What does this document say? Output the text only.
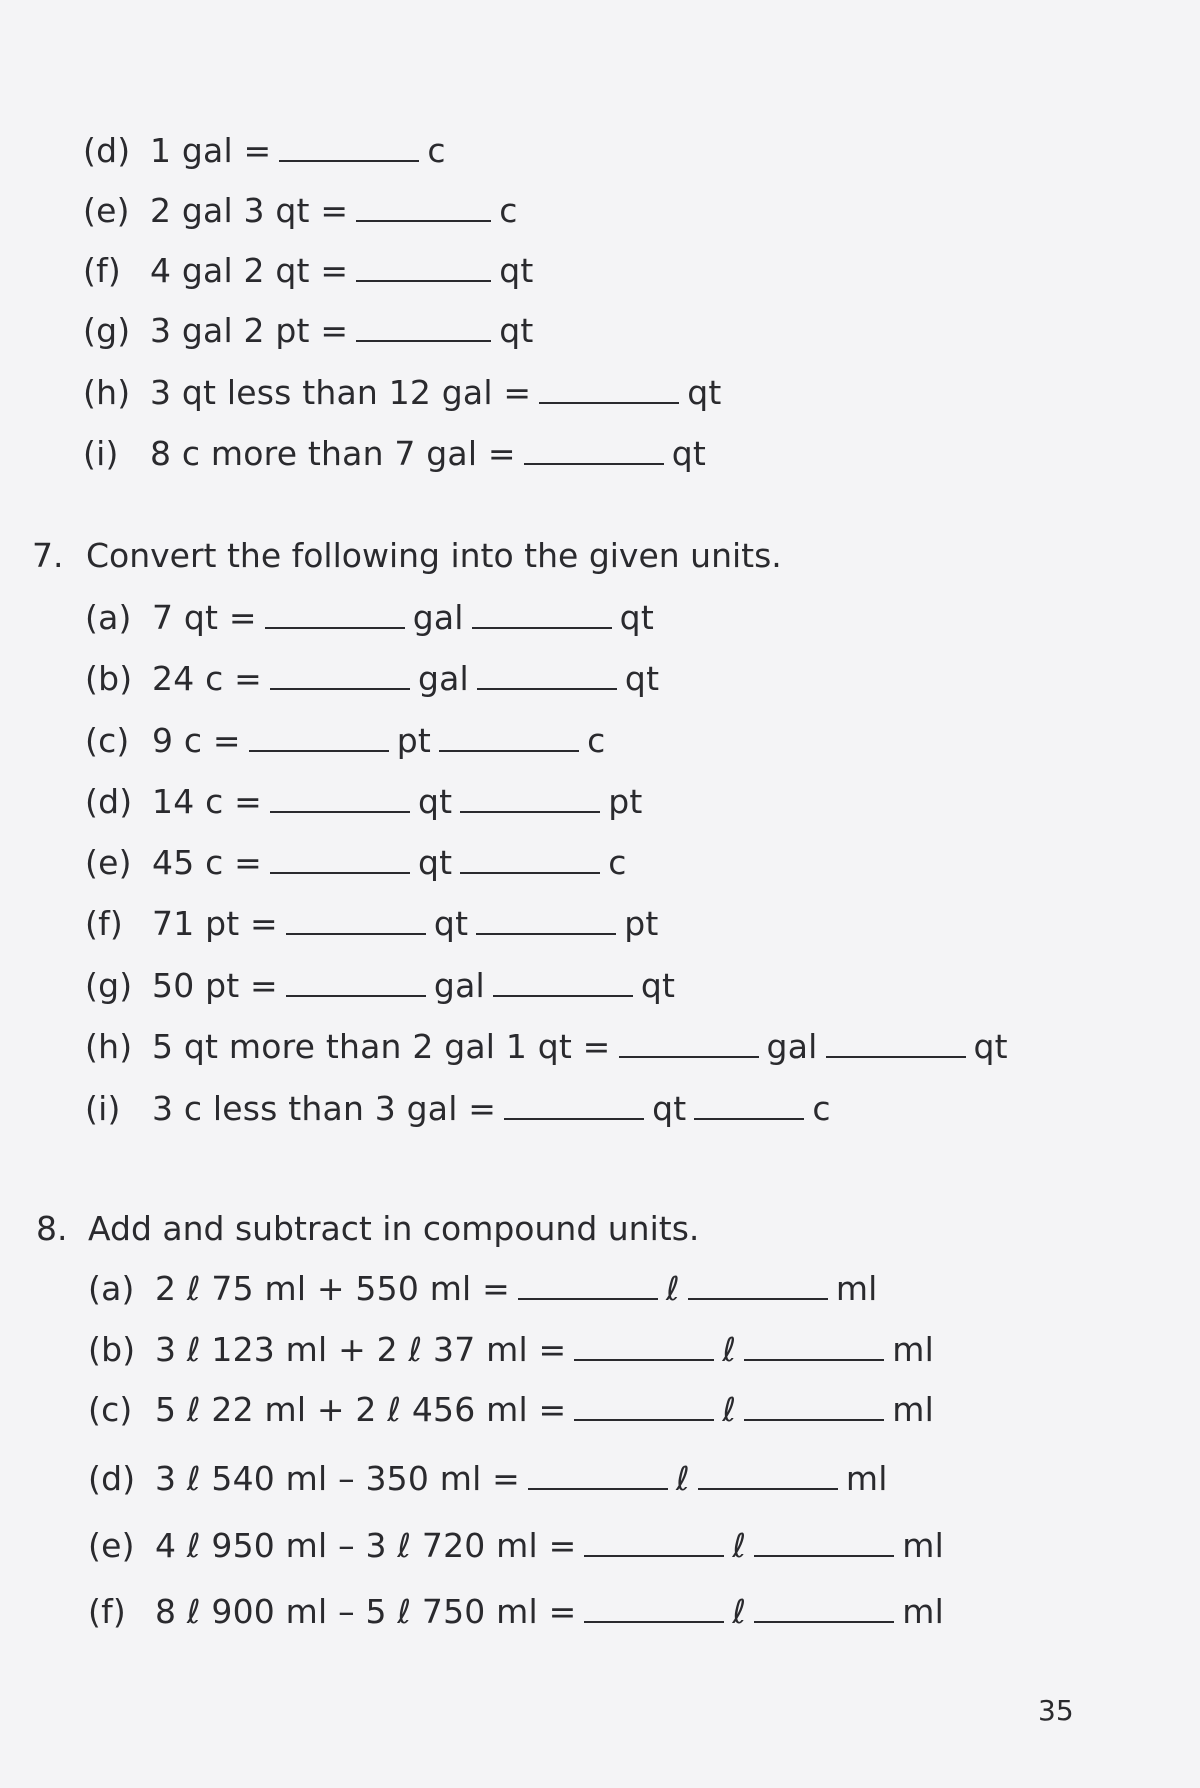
(d) 1 gal =	c
(e) 2 gal 3 qt =	c
(f) 4 gal 2 qt =	qt
(g) 3 gal 2 pt =	qt
(h) 3 qt less than 12 gal =	qt
(i) 8 c more than 7 gal =	qt
7. Convert the following into the given units.
(a) 7 qt =	gal	qt
(b) 24 c =	gal	qt
(c) 9 c =	pt	c
(d) 14 c =	qt	pt
(e) 45 c =	qt	c
(f) 71 pt =	qt	pt
(g) 50 pt =	gal	qt
(h) 5 qt more than 2 gal 1 qt =	gal	qt
(i) 3 c less than 3 gal =	qt	c
8. Add and subtract in compound units.
(a) 2 ℓ 75 ml + 550 ml =	ℓ	ml
(b) 3 ℓ 123 ml + 2 ℓ 37 ml =	ℓ	ml
(c) 5 ℓ 22 ml + 2 ℓ 456 ml =	ℓ	ml
(d) 3 ℓ 540 ml – 350 ml =	ℓ	ml
(e) 4 ℓ 950 ml – 3 ℓ 720 ml =	ℓ	ml
(f) 8 ℓ 900 ml – 5 ℓ 750 ml =	ℓ	ml
35
